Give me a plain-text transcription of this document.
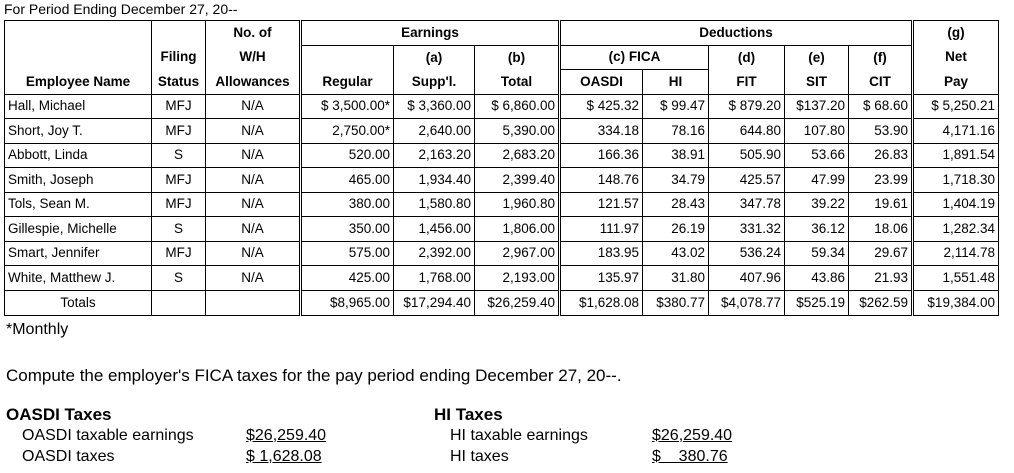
For Period Ending December 27, 20--
		No. of	Earnings			Deductions					(g)
	Filing	W/H		(a)	(b)	(c) FICA		(d)	(e)	(f)	Net
Employee Name	Status	Allowances	Regular	Supp'l.	Total	OASDI	HI	FIT	SIT	CIT	Pay
Hall, Michael	MFJ	N/A	$ 3,500.00*	$ 3,360.00	$ 6,860.00	$ 425.32	$ 99.47	$ 879.20	$137.20	$ 68.60	$ 5,250.21
Short, Joy T.	MFJ	N/A	2,750.00*	2,640.00	5,390.00	334.18	78.16	644.80	107.80	53.90	4,171.16
Abbott, Linda	S	N/A	520.00	2,163.20	2,683.20	166.36	38.91	505.90	53.66	26.83	1,891.54
Smith, Joseph	MFJ	N/A	465.00	1,934.40	2,399.40	148.76	34.79	425.57	47.99	23.99	1,718.30
Tols, Sean M.	MFJ	N/A	380.00	1,580.80	1,960.80	121.57	28.43	347.78	39.22	19.61	1,404.19
Gillespie, Michelle	S	N/A	350.00	1,456.00	1,806.00	111.97	26.19	331.32	36.12	18.06	1,282.34
Smart, Jennifer	MFJ	N/A	575.00	2,392.00	2,967.00	183.95	43.02	536.24	59.34	29.67	2,114.78
White, Matthew J.	S	N/A	425.00	1,768.00	2,193.00	135.97	31.80	407.96	43.86	21.93	1,551.48
Totals			$8,965.00	$17,294.40	$26,259.40	$1,628.08	$380.77	$4,078.77	$525.19	$262.59	$19,384.00
*Monthly
Compute the employer's FICA taxes for the pay period ending December 27, 20--.
OASDI Taxes
OASDI taxable earnings	$26,259.40
OASDI taxes	$ 1,628.08
HI Taxes
HI taxable earnings	$26,259.40
HI taxes	$    380.76
